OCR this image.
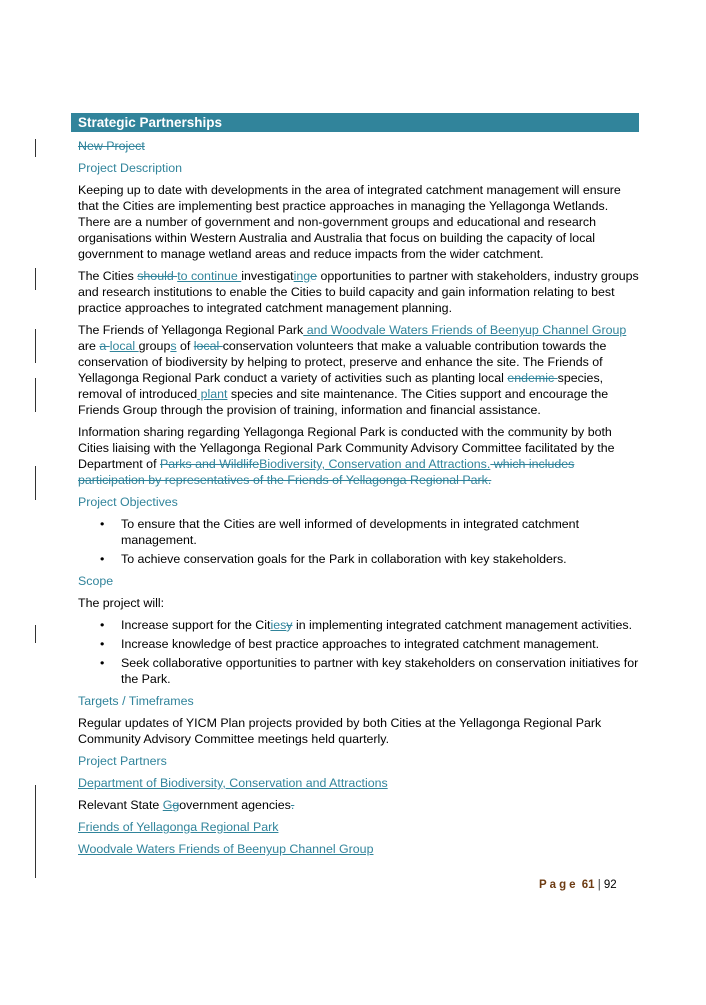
Strategic Partnerships
New Project
Project Description
Keeping up to date with developments in the area of integrated catchment management will ensure that the Cities are implementing best practice approaches in managing the Yellagonga Wetlands. There are a number of government and non-government groups and educational and research organisations within Western Australia and Australia that focus on building the capacity of local government to manage wetland areas and reduce impacts from the wider catchment.
The Cities should to continue investigatinge opportunities to partner with stakeholders, industry groups and research institutions to enable the Cities to build capacity and gain information relating to best practice approaches to integrated catchment management planning.
The Friends of Yellagonga Regional Park and Woodvale Waters Friends of Beenyup Channel Group are a local groups of local conservation volunteers that make a valuable contribution towards the conservation of biodiversity by helping to protect, preserve and enhance the site. The Friends of Yellagonga Regional Park conduct a variety of activities such as planting local endemic species, removal of introduced plant species and site maintenance. The Cities support and encourage the Friends Group through the provision of training, information and financial assistance.
Information sharing regarding Yellagonga Regional Park is conducted with the community by both Cities liaising with the Yellagonga Regional Park Community Advisory Committee facilitated by the Department of Parks and WildlifeBiodiversity, Conservation and Attractions. which includes participation by representatives of the Friends of Yellagonga Regional Park.
Project Objectives
• To ensure that the Cities are well informed of developments in integrated catchment management.
• To achieve conservation goals for the Park in collaboration with key stakeholders.
Scope
The project will:
• Increase support for the Citiesy in implementing integrated catchment management activities.
• Increase knowledge of best practice approaches to integrated catchment management.
• Seek collaborative opportunities to partner with key stakeholders on conservation initiatives for the Park.
Targets / Timeframes
Regular updates of YICM Plan projects provided by both Cities at the Yellagonga Regional Park Community Advisory Committee meetings held quarterly.
Project Partners
Department of Biodiversity, Conservation and Attractions
Relevant State Ggovernment agencies.
Friends of Yellagonga Regional Park
Woodvale Waters Friends of Beenyup Channel Group
Page 61 | 92
